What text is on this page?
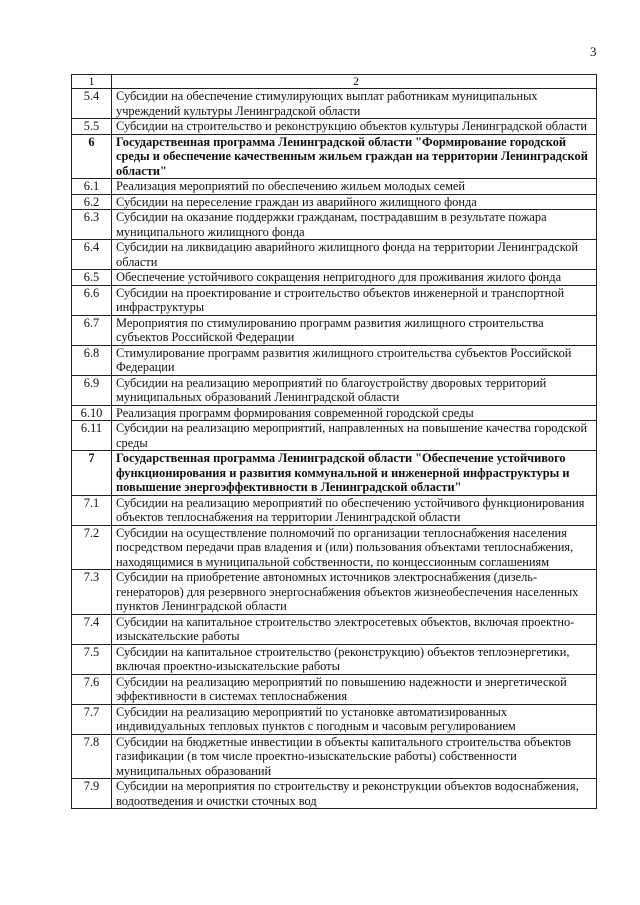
3
1	2
5.4	Субсидии на обеспечение стимулирующих выплат работникам муниципальных учреждений культуры Ленинградской области
5.5	Субсидии на строительство и реконструкцию объектов культуры Ленинградской области
6	Государственная программа Ленинградской области "Формирование городской среды и обеспечение качественным жильем граждан на территории Ленинградской области"
6.1	Реализация мероприятий по обеспечению жильем молодых семей
6.2	Субсидии на переселение граждан из аварийного жилищного фонда
6.3	Субсидии на оказание поддержки гражданам, пострадавшим в результате пожара муниципального жилищного фонда
6.4	Субсидии на ликвидацию аварийного жилищного фонда на территории Ленинградской области
6.5	Обеспечение устойчивого сокращения непригодного для проживания жилого фонда
6.6	Субсидии на проектирование и строительство объектов инженерной и транспортной инфраструктуры
6.7	Мероприятия по стимулированию программ развития жилищного строительства субъектов Российской Федерации
6.8	Стимулирование программ развития жилищного строительства субъектов Российской Федерации
6.9	Субсидии на реализацию мероприятий по благоустройству дворовых территорий муниципальных образований Ленинградской области
6.10	Реализация программ формирования современной городской среды
6.11	Субсидии на реализацию мероприятий, направленных на повышение качества городской среды
7	Государственная программа Ленинградской области "Обеспечение устойчивого функционирования и развития коммунальной и инженерной инфраструктуры и повышение энергоэффективности в Ленинградской области"
7.1	Субсидии на реализацию мероприятий по обеспечению устойчивого функционирования объектов теплоснабжения на территории Ленинградской области
7.2	Субсидии на осуществление полномочий по организации теплоснабжения населения посредством передачи прав владения и (или) пользования объектами теплоснабжения, находящимися в муниципальной собственности, по концессионным соглашениям
7.3	Субсидии на приобретение автономных источников электроснабжения (дизель-генераторов) для резервного энергоснабжения объектов жизнеобеспечения населенных пунктов Ленинградской области
7.4	Субсидии на капитальное строительство электросетевых объектов, включая проектно-изыскательские работы
7.5	Субсидии на капитальное строительство (реконструкцию) объектов теплоэнергетики, включая проектно-изыскательские работы
7.6	Субсидии на реализацию мероприятий по повышению надежности и энергетической эффективности в системах теплоснабжения
7.7	Субсидии на реализацию мероприятий по установке автоматизированных индивидуальных тепловых пунктов с погодным и часовым регулированием
7.8	Субсидии на бюджетные инвестиции в объекты капитального строительства объектов газификации (в том числе проектно-изыскательские работы) собственности муниципальных образований
7.9	Субсидии на мероприятия по строительству и реконструкции объектов водоснабжения, водоотведения и очистки сточных вод
